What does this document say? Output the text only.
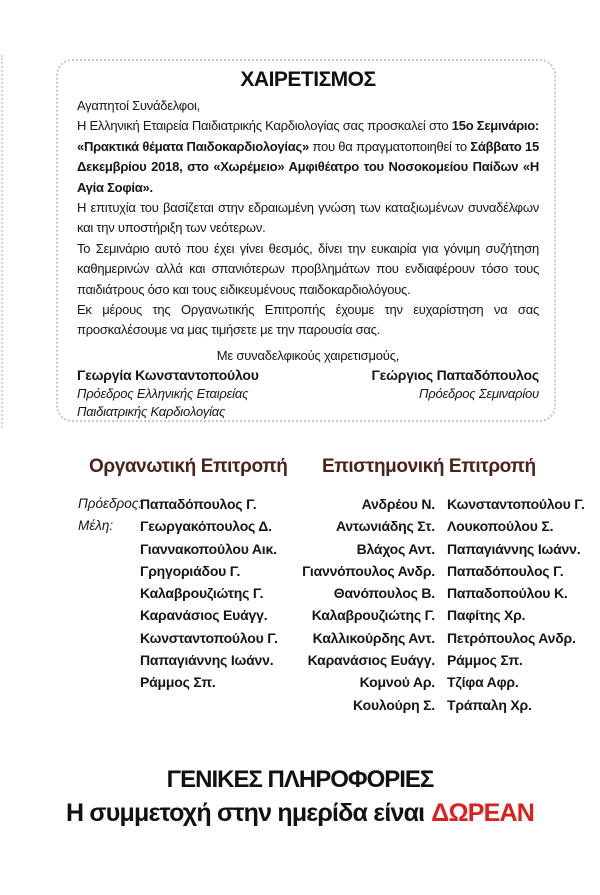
ΧΑΙΡΕΤΙΣΜΟΣ

Αγαπητοί Συνάδελφοι,

Η Ελληνική Εταιρεία Παιδιατρικής Καρδιολογίας σας προσκαλεί στο 15ο Σεμινάριο: «Πρακτικά θέματα Παιδοκαρδιολογίας» που θα πραγματοποιηθεί το Σάββατο 15 Δεκεμβρίου 2018, στο «Χωρέμειο» Αμφιθέατρο του Νοσοκομείου Παίδων «Η Αγία Σοφία».

Η επιτυχία του βασίζεται στην εδραιωμένη γνώση των καταξιωμένων συναδέλφων και την υποστήριξη των νεότερων.

Το Σεμινάριο αυτό που έχει γίνει θεσμός, δίνει την ευκαιρία για γόνιμη συζήτηση καθημερινών αλλά και σπανιότερων προβλημάτων που ενδιαφέρουν τόσο τους παιδιάτρους όσο και τους ειδικευμένους παιδοκαρδιολόγους.

Εκ μέρους της Οργανωτικής Επιτροπής έχουμε την ευχαρίστηση να σας προσκαλέσουμε να μας τιμήσετε με την παρουσία σας.

Με συναδελφικούς χαιρετισμούς,
Γεωργία Κωνσταντοπούλου
Πρόεδρος Ελληνικής Εταιρείας
Παιδιατρικής Καρδιολογίας
Γεώργιος Παπαδόπουλος
Πρόεδρος Σεμιναρίου
Οργανωτική Επιτροπή
Πρόεδρος:
Παπαδόπουλος Γ.
Μέλη:	Γεωργακόπουλος Δ.
Γιαννακοπούλου Αικ.
Γρηγοριάδου Γ.
Καλαβρουζιώτης Γ.
Καρανάσιος Ευάγγ.
Κωνσταντοπούλου Γ.
Παπαγιάννης Ιωάνν.
Ράμμος Σπ.
Επιστημονική Επιτροπή
Ανδρέου Ν. Κωνσταντοπούλου Γ.
Αντωνιάδης Στ. Λουκοπούλου Σ.
Βλάχος Αντ. Παπαγιάννης Ιωάνν.
Γιαννόπουλος Ανδρ. Παπαδόπουλος Γ.
Θανόπουλος Β. Παπαδοπούλου Κ.
Καλαβρουζιώτης Γ. Παφίτης Χρ.
Καλλικούρδης Αντ. Πετρόπουλος Ανδρ.
Καρανάσιος Ευάγγ. Ράμμος Σπ.
Κομνού Αρ. Τζίφα Αφρ.
Κουλούρη Σ. Τράπαλη Χρ.
ΓΕΝΙΚΕΣ ΠΛΗΡΟΦΟΡΙΕΣ

Η συμμετοχή στην ημερίδα είναι ΔΩΡΕΑΝ
